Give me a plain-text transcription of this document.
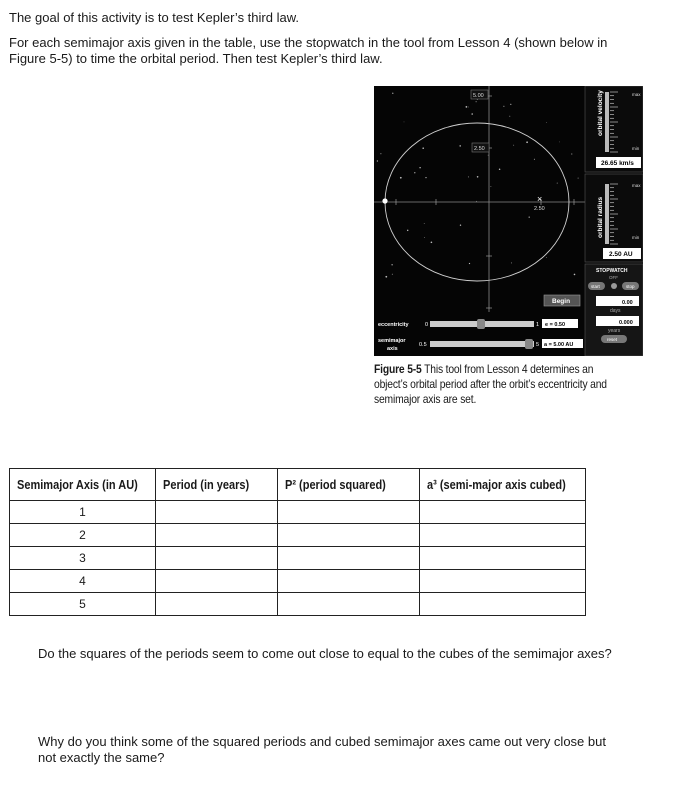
The goal of this activity is to test Kepler’s third law.

For each semimajor axis given in the table, use the stopwatch in the tool from Lesson 4 (shown below in

Figure 5-5) to time the orbital period. Then test Kepler’s third law.

5.00
2.50
2.50
×
orbital velocity	max
min
26.65 km/s
orbital radius
max
min
2.50 AU
STOPWATCH
OFF
start	stop
0.00
days
0.000
years
reset
Begin
eccentricity	0	1 e = 0.50
semimajor
axis
0.5	5 a = 5.00 AU
Figure 5-5 This tool from Lesson 4 determines an object’s orbital period after the orbit’s eccentricity and semimajor axis are set.
Semimajor Axis (in AU)	Period (in years)	P² (period squared)	a³ (semi-major axis cubed)
1			
2			
3			
4			
5			

Do the squares of the periods seem to come out close to equal to the cubes of the semimajor axes?

Why do you think some of the squared periods and cubed semimajor axes came out very close but

not exactly the same?
